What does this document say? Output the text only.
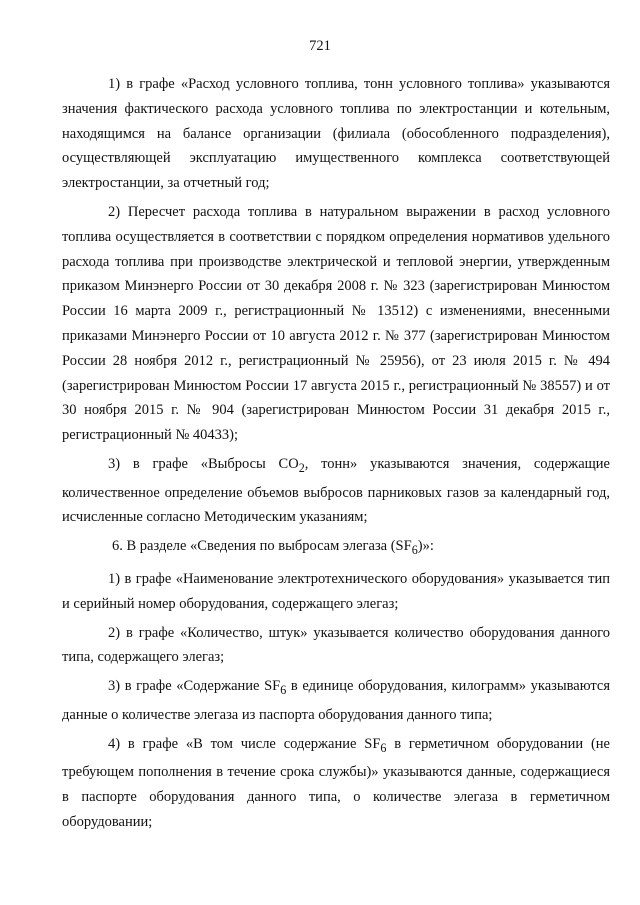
721

1) в графе «Расход условного топлива, тонн условного топлива» указываются значения фактического расхода условного топлива по электростанции и котельным, находящимся на балансе организации (филиала (обособленного подразделения), осуществляющей эксплуатацию имущественного комплекса соответствующей электростанции, за отчетный год;

2) Пересчет расхода топлива в натуральном выражении в расход условного топлива осуществляется в соответствии с порядком определения нормативов удельного расхода топлива при производстве электрической и тепловой энергии, утвержденным приказом Минэнерго России от 30 декабря 2008 г. № 323 (зарегистрирован Минюстом России 16 марта 2009 г., регистрационный № 13512) с изменениями, внесенными приказами Минэнерго России от 10 августа 2012 г. № 377 (зарегистрирован Минюстом России 28 ноября 2012 г., регистрационный № 25956), от 23 июля 2015 г. № 494 (зарегистрирован Минюстом России 17 августа 2015 г., регистрационный № 38557) и от 30 ноября 2015 г. № 904 (зарегистрирован Минюстом России 31 декабря 2015 г., регистрационный № 40433);

3) в графе «Выбросы $CO_2$, тонн» указываются значения, содержащие количественное определение объемов выбросов парниковых газов за календарный год, исчисленные согласно Методическим указаниям;

6. В разделе «Сведения по выбросам элегаза $(SF_6)$»:

1) в графе «Наименование электротехнического оборудования» указывается тип и серийный номер оборудования, содержащего элегаз;

2) в графе «Количество, штук» указывается количество оборудования данного типа, содержащего элегаз;

3) в графе «Содержание $SF_6$ в единице оборудования, килограмм» указываются данные о количестве элегаза из паспорта оборудования данного типа;

4) в графе «В том числе содержание $SF_6$ в герметичном оборудовании (не требующем пополнения в течение срока службы)» указываются данные, содержащиеся в паспорте оборудования данного типа, о количестве элегаза в герметичном оборудовании;
